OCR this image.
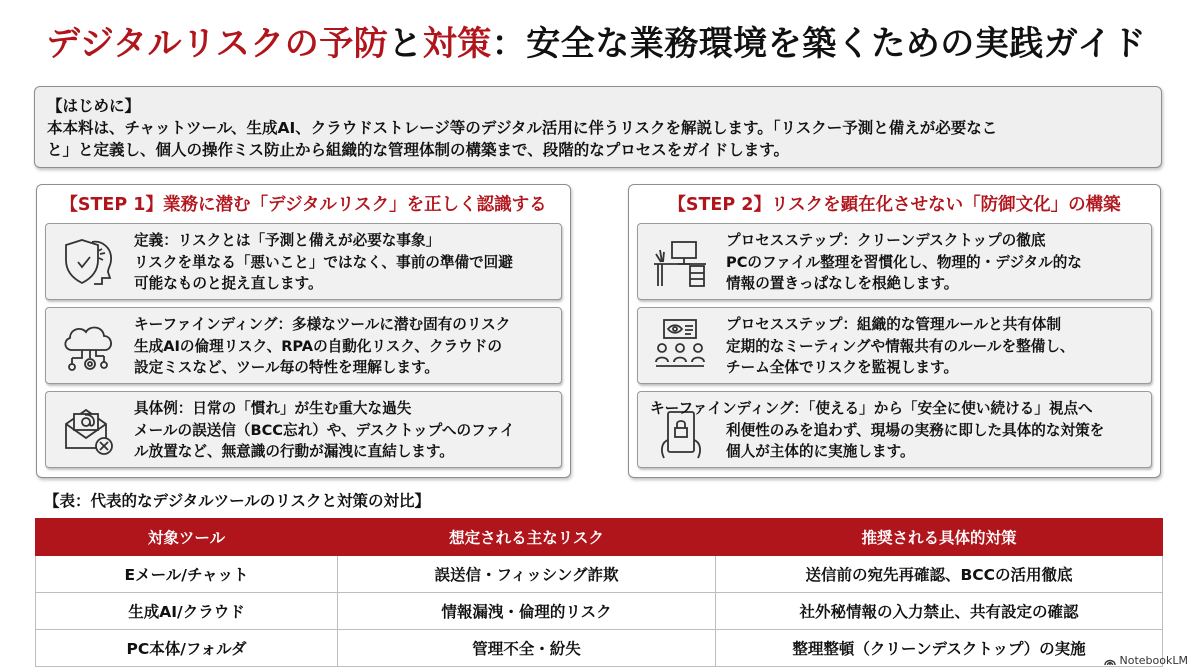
デジタルリスクの予防と対策：安全な業務環境を築くための実践ガイド
【はじめに】
本本料は、チャットツール、生成AI、クラウドストレージ等のデジタル活用に伴うリスクを解説します。「リスクー予測と備えが必要なこ
と」と定義し、個人の操作ミス防止から組織的な管理体制の構築まで、段階的なプロセスをガイドします。
【STEP 1】業務に潜む「デジタルリスク」を正しく認識する
定義：リスクとは「予測と備えが必要な事象」
リスクを単なる「悪いこと」ではなく、事前の準備で回避
可能なものと捉え直します。
キーファインディング：多様なツールに潜む固有のリスク
生成AIの倫理リスク、RPAの自動化リスク、クラウドの
設定ミスなど、ツール毎の特性を理解します。
具体例：日常の「慣れ」が生む重大な過失
メールの誤送信（BCC忘れ）や、デスクトップへのファイ
ル放置など、無意識の行動が漏洩に直結します。
【STEP 2】リスクを顕在化させない「防御文化」の構築
プロセスステップ：クリーンデスクトップの徹底
PCのファイル整理を習慣化し、物理的・デジタル的な
情報の置きっぱなしを根絶します。
プロセスステップ：組織的な管理ルールと共有体制
定期的なミーティングや情報共有のルールを整備し、
チーム全体でリスクを監視します。
キーファインディング：「使える」から「安全に使い続ける」視点へ
利便性のみを追わず、現場の実務に即した具体的な対策を
個人が主体的に実施します。
【表：代表的なデジタルツールのリスクと対策の対比】
対象ツール	想定される主なリスク	推奨される具体的対策
Eメール/チャット	誤送信・フィッシング詐欺	送信前の宛先再確認、BCCの活用徹底
生成AI/クラウド	情報漏洩・倫理的リスク	社外秘情報の入力禁止、共有設定の確認
PC本体/フォルダ	管理不全・紛失	整理整頓（クリーンデスクトップ）の実施
NotebookLM
